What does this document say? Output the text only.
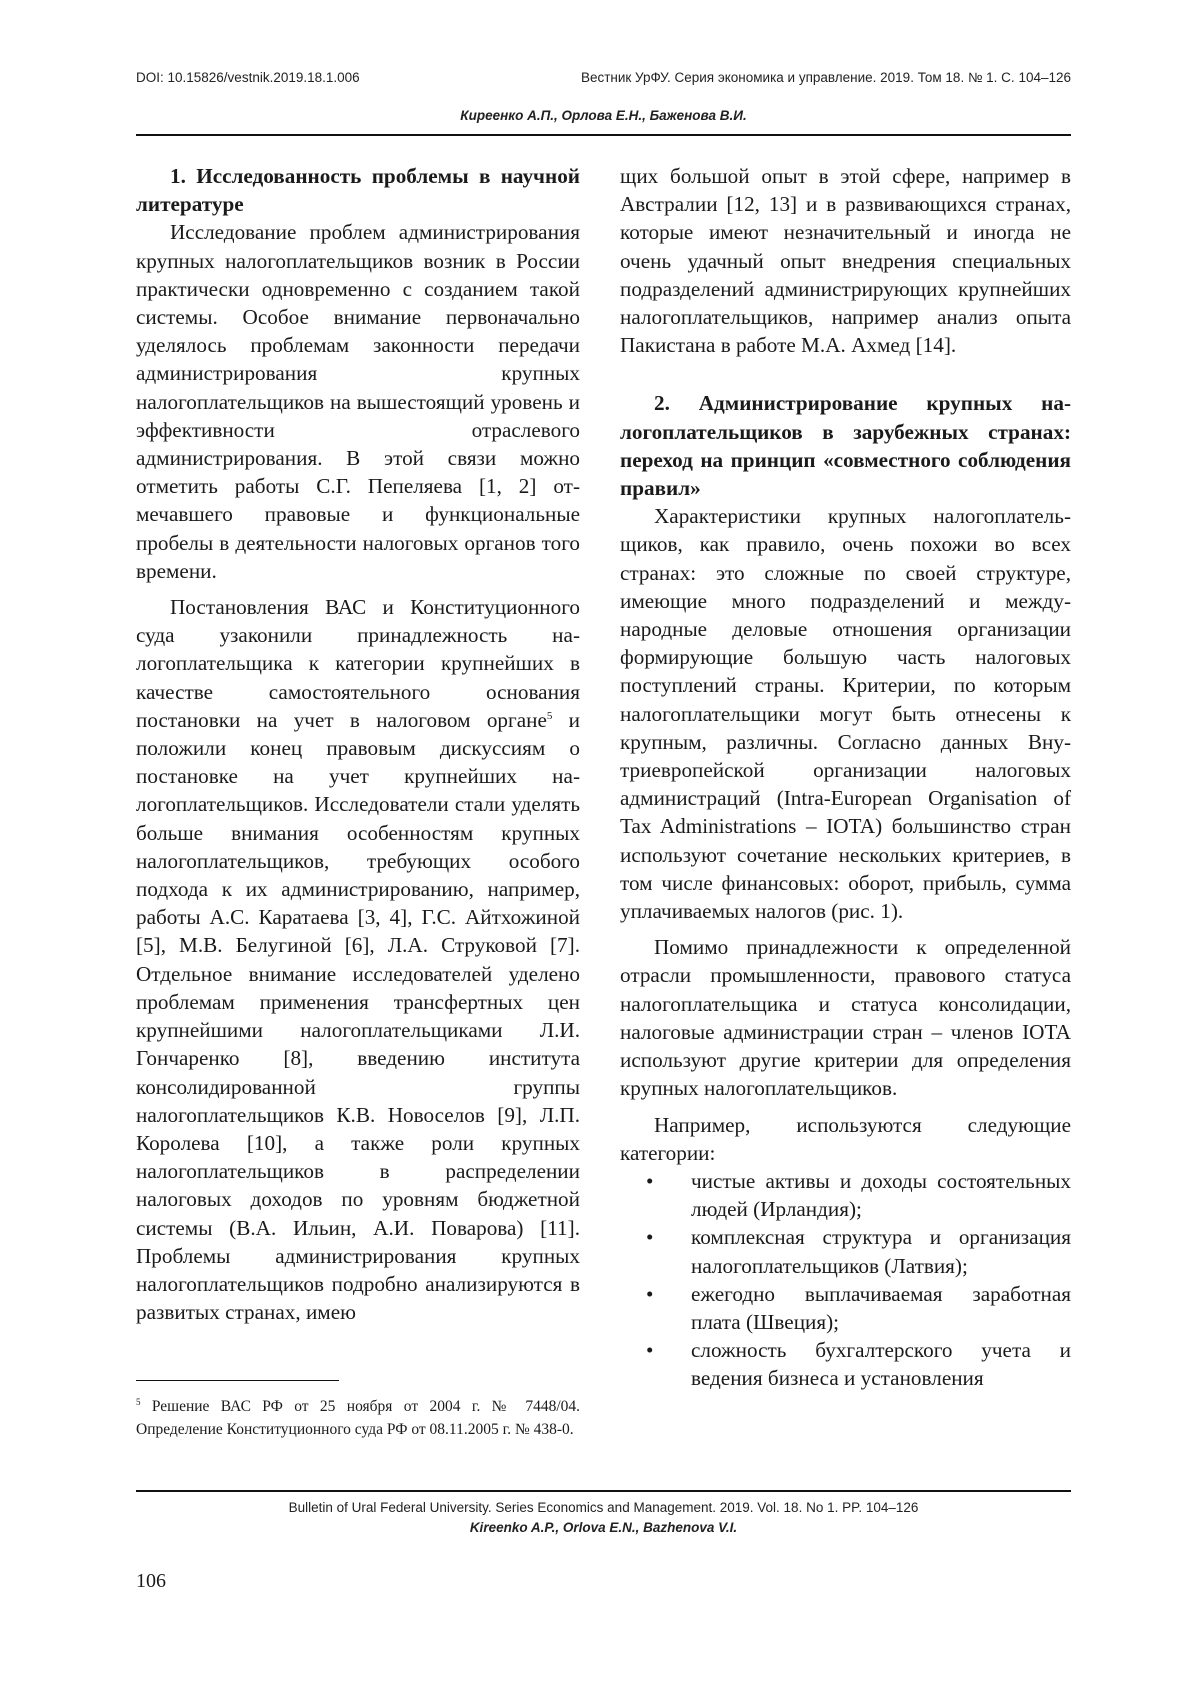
DOI: 10.15826/vestnik.2019.18.1.006	Вестник УрФУ. Серия экономика и управление. 2019. Том 18. № 1. С. 104–126
Киреенко А.П., Орлова Е.Н., Баженова В.И.
1. Исследованность проблемы в научной литературе

Исследование проблем администрирования крупных налогоплательщиков возник в России практически одновременно с созданием такой системы. Особое внимание первоначально уделялось проблемам законности передачи администрирования крупных налогоплательщиков на вышестоящий уровень и эффективности отраслевого администрирования. В этой связи можно отметить работы С.Г. Пепеляева [1, 2] отмечавшего правовые и функциональные пробелы в деятельности налоговых органов того времени.

Постановления ВАС и Конституционного суда узаконили принадлежность налогоплательщика к категории крупнейших в качестве самостоятельного основания постановки на учет в налоговом органе$^5$ и положили конец правовым дискуссиям о постановке на учет крупнейших налогоплательщиков. Исследователи стали уделять больше внимания особенностям крупных налогоплательщиков, требующих особого подхода к их администрированию, например, работы А.С. Каратаева [3, 4], Г.С. Айтхожиной [5], М.В. Белугиной [6], Л.А. Струковой [7]. Отдельное внимание исследователей уделено проблемам применения трансфертных цен крупнейшими налогоплательщиками Л.И. Гончаренко [8], введению института консолидированной группы налогоплательщиков К.В. Новоселов [9], Л.П. Королева [10], а также роли крупных налогоплательщиков в распределении налоговых доходов по уровням бюджетной системы (В.А. Ильин, А.И. Поварова) [11]. Проблемы администрирования крупных налогоплательщиков подробно анализируются в развитых странах, имею

$^5$ Решение ВАС РФ от 25 ноября от 2004 г. № 7448/04. Определение Конституционного суда РФ от 08.11.2005 г. № 438-0.

щих большой опыт в этой сфере, например в Австралии [12, 13] и в развивающихся странах, которые имеют незначительный и иногда не очень удачный опыт внедрения специальных подразделений администрирующих крупнейших налогоплательщиков, например анализ опыта Пакистана в работе М.А. Ахмед [14].

2. Администрирование крупных налогоплательщиков в зарубежных странах: переход на принцип «совместного соблюдения правил»

Характеристики крупных налогоплательщиков, как правило, очень похожи во всех странах: это сложные по своей структуре, имеющие много подразделений и международные деловые отношения организации формирующие большую часть налоговых поступлений страны. Критерии, по которым налогоплательщики могут быть отнесены к крупным, различны. Согласно данных Внутриевропейской организации налоговых администраций (Intra-European Organisation of Tax Administrations – IOTA) большинство стран используют сочетание нескольких критериев, в том числе финансовых: оборот, прибыль, сумма уплачиваемых налогов (рис. 1).

Помимо принадлежности к определенной отрасли промышленности, правового статуса налогоплательщика и статуса консолидации, налоговые администрации стран – членов IOTA используют другие критерии для определения крупных налогоплательщиков.

Например, используются следующие категории:

• чистые активы и доходы состоятельных людей (Ирландия);
• комплексная структура и организация налогоплательщиков (Латвия);
• ежегодно выплачиваемая заработная плата (Швеция);
• сложность бухгалтерского учета и ведения бизнеса и установления
Bulletin of Ural Federal University. Series Economics and Management. 2019. Vol. 18. No 1. PP. 104–126
Kireenko A.P., Orlova E.N., Bazhenova V.I.
106
